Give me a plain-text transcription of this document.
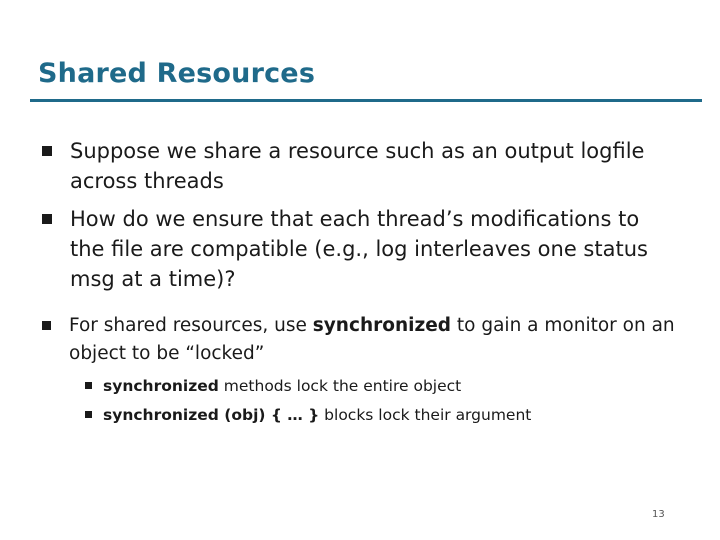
Shared Resources
Suppose we share a resource such as an output logfile across threads
How do we ensure that each thread’s modifications to the file are compatible (e.g., log interleaves one status msg at a time)?
For shared resources, use synchronized to gain a monitor on an object to be “locked”
synchronized methods lock the entire object
synchronized (obj) { … } blocks lock their argument
13
